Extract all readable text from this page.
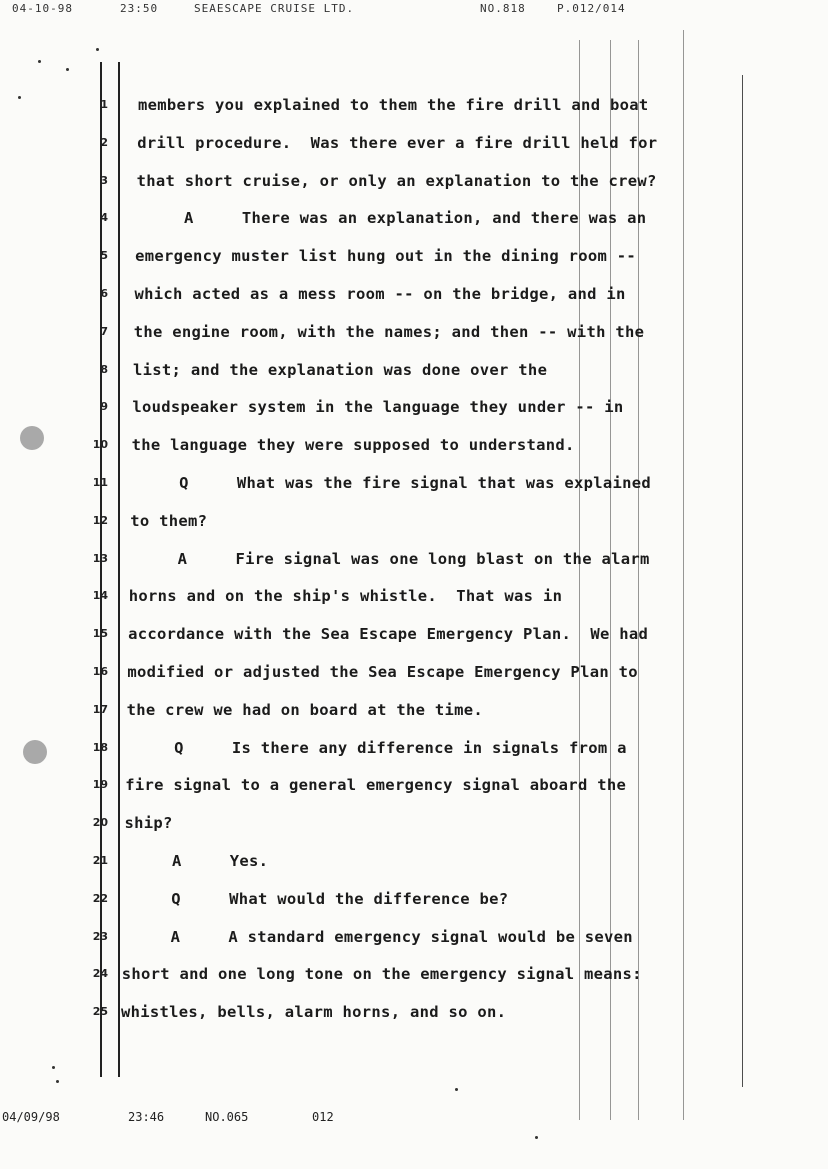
04-10-98	23:50	SEAESCAPE CRUISE LTD.	NO.818	P.012/014
1 members you explained to them the fire drill and boat
2 drill procedure.  Was there ever a fire drill held for
3 that short cruise, or only an explanation to the crew?
4 A     There was an explanation, and there was an
5 emergency muster list hung out in the dining room --
6 which acted as a mess room -- on the bridge, and in
7 the engine room, with the names; and then -- with the
8 list; and the explanation was done over the
9 loudspeaker system in the language they under -- in
10 the language they were supposed to understand.
11 Q     What was the fire signal that was explained
12 to them?
13 A     Fire signal was one long blast on the alarm
14 horns and on the ship's whistle.  That was in
15 accordance with the Sea Escape Emergency Plan.  We had
16 modified or adjusted the Sea Escape Emergency Plan to
17 the crew we had on board at the time.
18 Q     Is there any difference in signals from a
19 fire signal to a general emergency signal aboard the
20 ship?
21 A     Yes.
22 Q     What would the difference be?
23 A     A standard emergency signal would be seven
24 short and one long tone on the emergency signal means:
25 whistles, bells, alarm horns, and so on.
04/09/98	23:46	NO.065	012
